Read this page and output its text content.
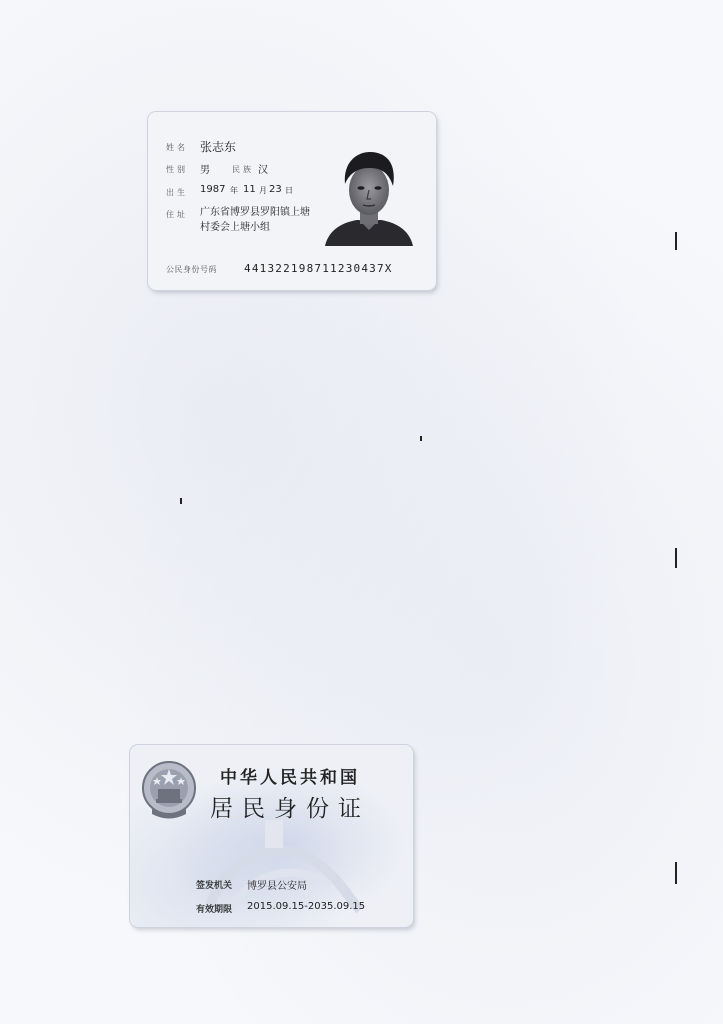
姓名 张志东
性别 男	民族 汉
出生 1987 年 11 月 23 日
住址 广东省博罗县罗阳镇上塘
村委会上塘小组
公民身份号码 441322198711230437X
中华人民共和国
居民身份证
签发机关 博罗县公安局
有效期限 2015.09.15-2035.09.15
